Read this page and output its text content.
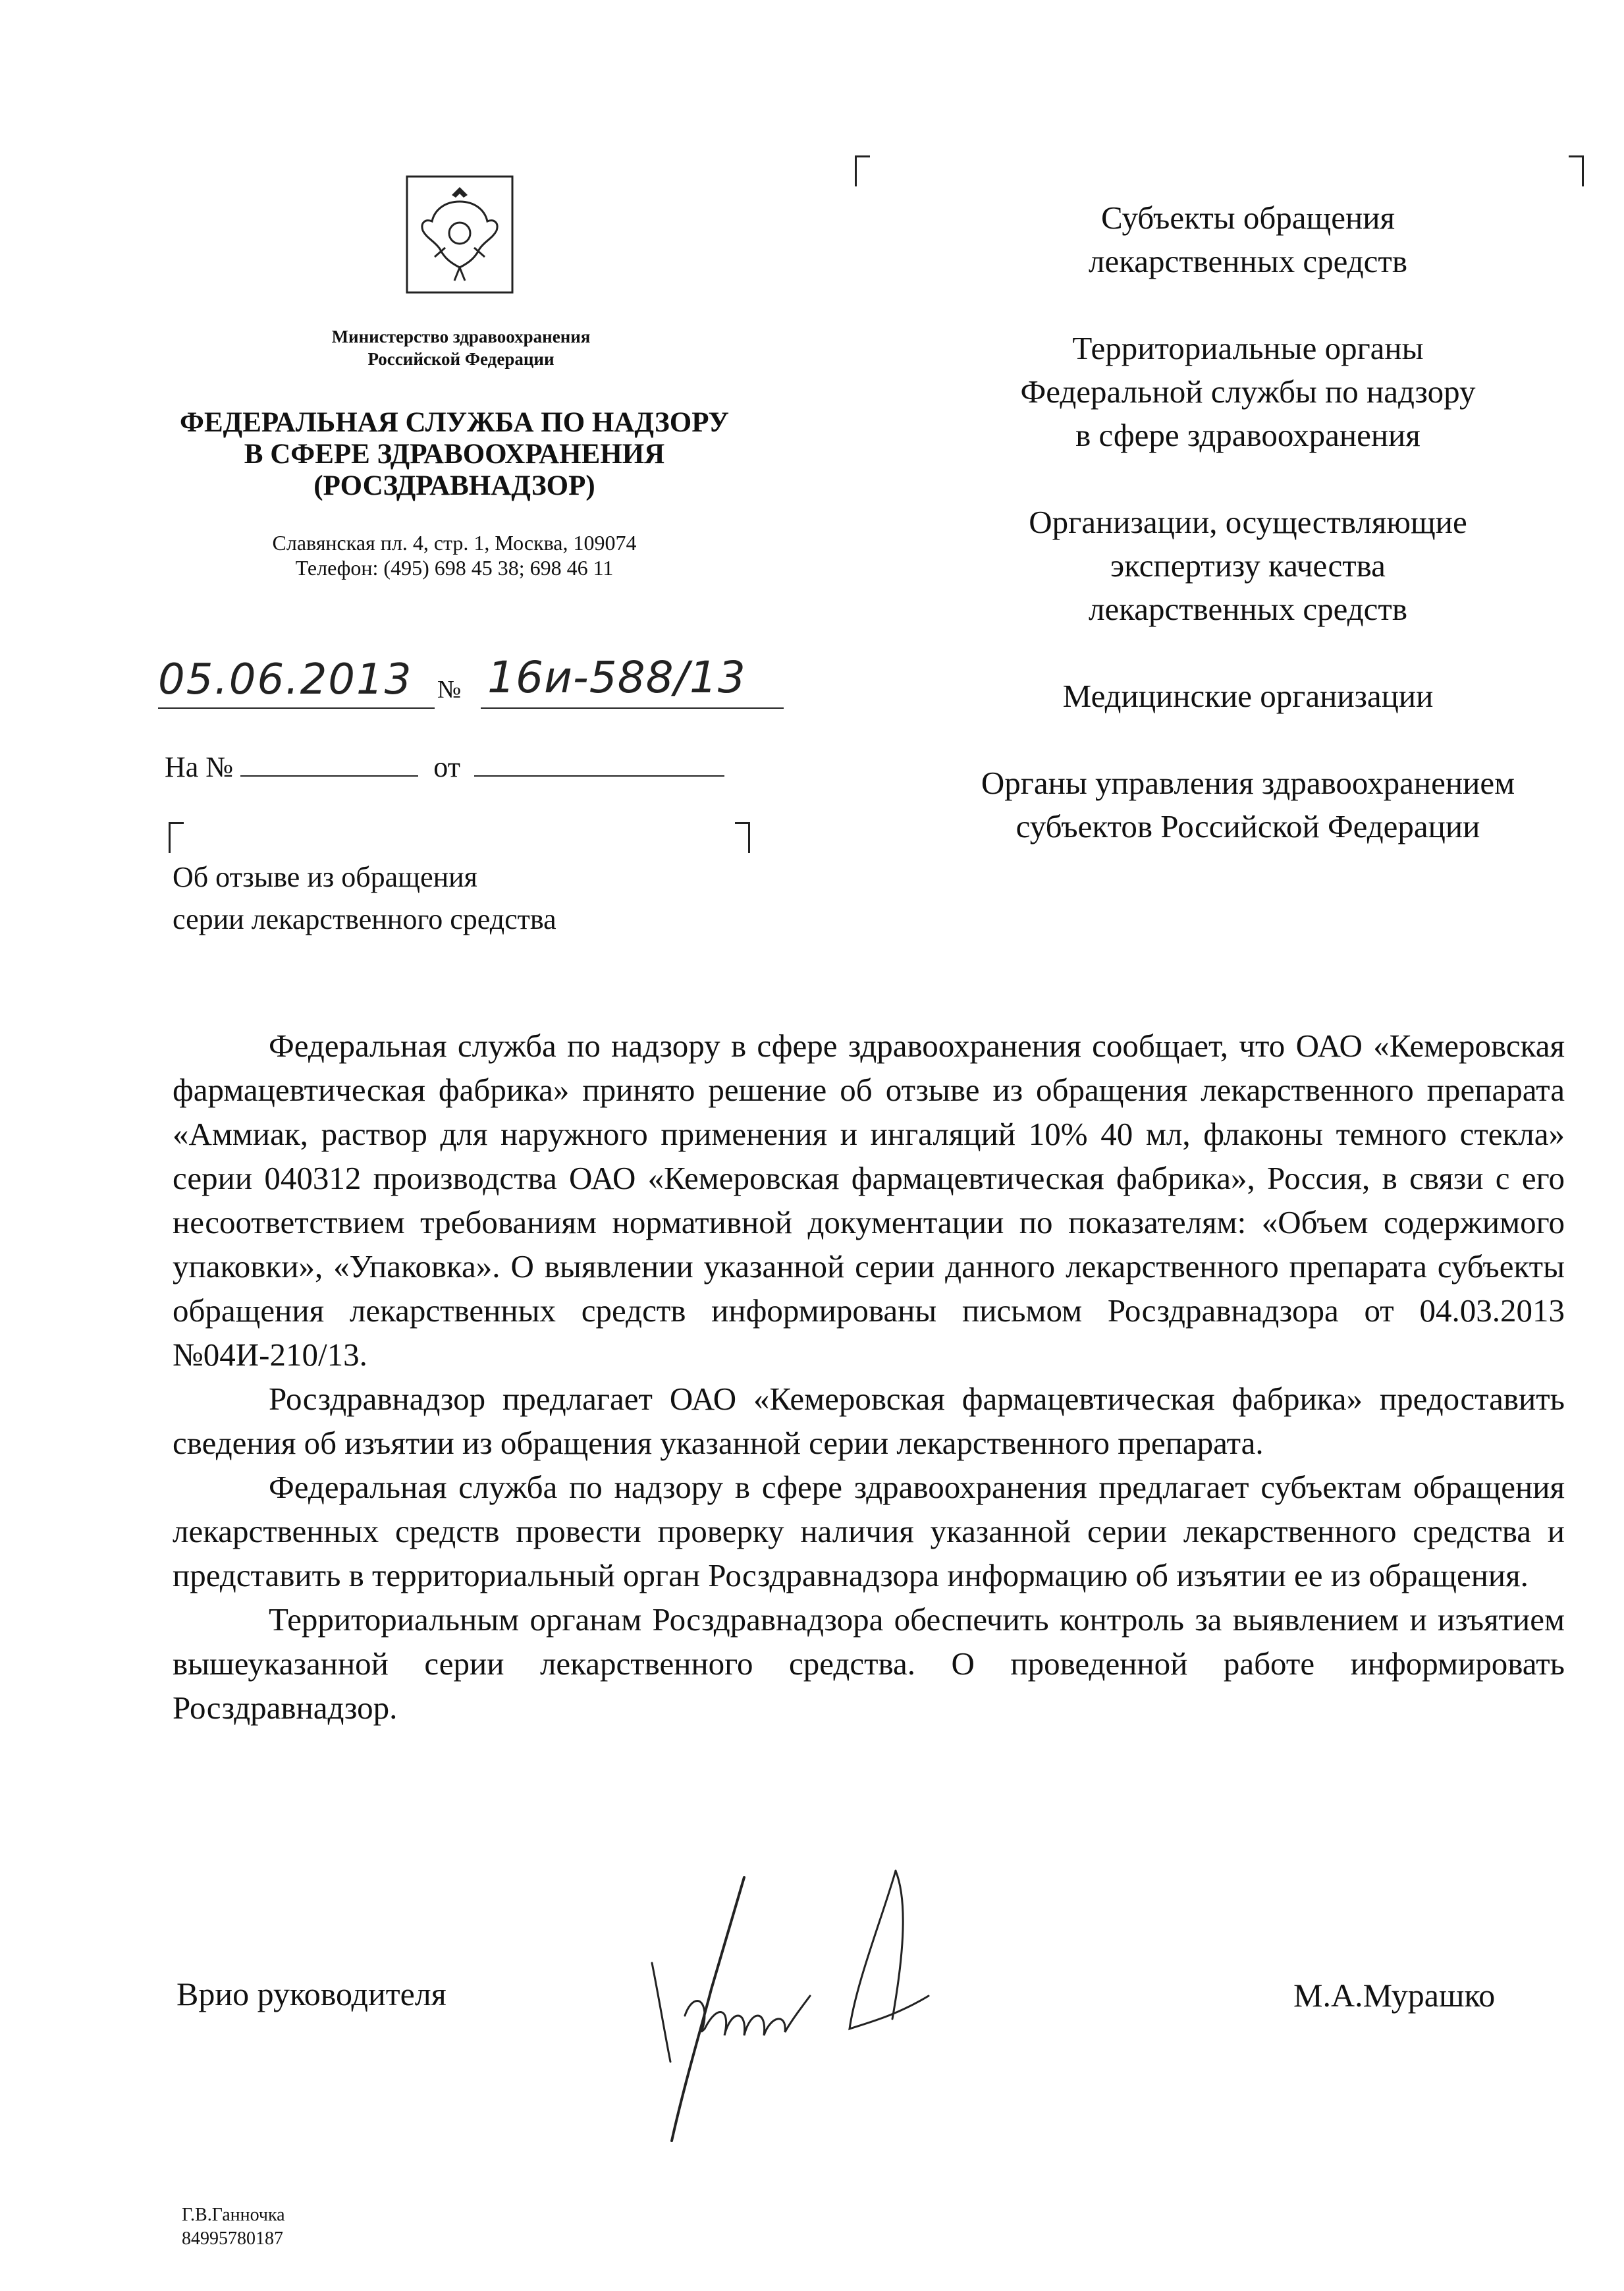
Министерство здравоохранения
Российской Федерации
ФЕДЕРАЛЬНАЯ СЛУЖБА ПО НАДЗОРУ
В СФЕРЕ ЗДРАВООХРАНЕНИЯ
(РОСЗДРАВНАДЗОР)
Славянская пл. 4, стр. 1, Москва, 109074
Телефон: (495) 698 45 38; 698 46 11
05.06.2013 № 16и-588/13
На №	от
Об отзыве из обращения
серии лекарственного средства
Субъекты обращения
лекарственных средств
Территориальные органы
Федеральной службы по надзору
в сфере здравоохранения
Организации, осуществляющие
экспертизу качества
лекарственных средств
Медицинские организации
Органы управления здравоохранением
субъектов Российской Федерации

Федеральная служба по надзору в сфере здравоохранения сообщает, что ОАО «Кемеровская фармацевтическая фабрика» принято решение об отзыве из обращения лекарственного препарата «Аммиак, раствор для наружного применения и ингаляций 10% 40 мл, флаконы темного стекла» серии 040312 производства ОАО «Кемеровская фармацевтическая фабрика», Россия, в связи с его несоответствием требованиям нормативной документации по показателям: «Объем содержимого упаковки», «Упаковка». О выявлении указанной серии данного лекарственного препарата субъекты обращения лекарственных средств информированы письмом Росздравнадзора от 04.03.2013 №04И-210/13.

Росздравнадзор предлагает ОАО «Кемеровская фармацевтическая фабрика» предоставить сведения об изъятии из обращения указанной серии лекарственного препарата.

Федеральная служба по надзору в сфере здравоохранения предлагает субъектам обращения лекарственных средств провести проверку наличия указанной серии лекарственного средства и представить в территориальный орган Росздравнадзора информацию об изъятии ее из обращения.

Территориальным органам Росздравнадзора обеспечить контроль за выявлением и изъятием вышеуказанной серии лекарственного средства. О проведенной работе информировать Росздравнадзор.

Врио руководителя	М.А.Мурашко
Г.В.Ганночка
84995780187
